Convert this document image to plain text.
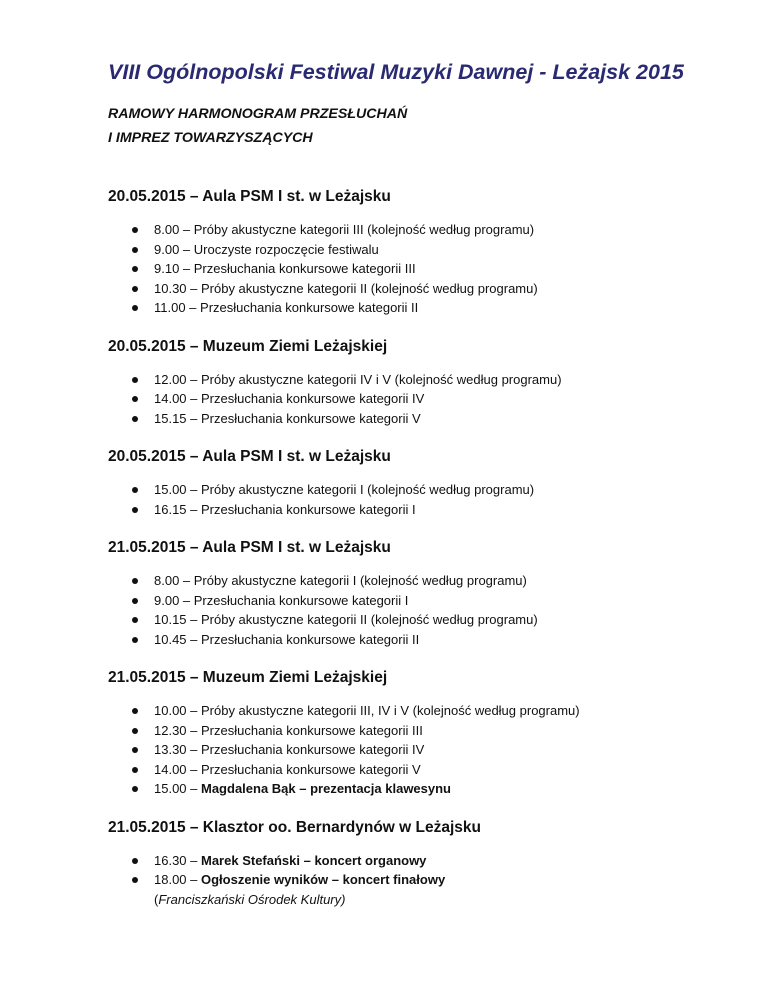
VIII Ogólnopolski Festiwal Muzyki Dawnej - Leżajsk 2015
RAMOWY HARMONOGRAM PRZESŁUCHAŃ
I IMPREZ TOWARZYSZĄCYCH
20.05.2015 – Aula PSM I st. w Leżajsku
8.00 – Próby akustyczne kategorii III (kolejność według programu)
9.00 – Uroczyste rozpoczęcie festiwalu
9.10 – Przesłuchania konkursowe kategorii III
10.30 – Próby akustyczne kategorii II (kolejność według programu)
11.00 – Przesłuchania konkursowe kategorii II
20.05.2015 – Muzeum Ziemi Leżajskiej
12.00 – Próby akustyczne kategorii IV i V (kolejność według programu)
14.00 – Przesłuchania konkursowe kategorii IV
15.15 – Przesłuchania konkursowe kategorii V
20.05.2015 – Aula PSM I st. w Leżajsku
15.00 – Próby akustyczne kategorii I (kolejność według programu)
16.15 – Przesłuchania konkursowe kategorii I
21.05.2015 – Aula PSM I st. w Leżajsku
8.00 – Próby akustyczne kategorii I (kolejność według programu)
9.00 – Przesłuchania konkursowe kategorii I
10.15 – Próby akustyczne kategorii II (kolejność według programu)
10.45 – Przesłuchania konkursowe kategorii II
21.05.2015 – Muzeum Ziemi Leżajskiej
10.00 – Próby akustyczne kategorii III, IV i V (kolejność według programu)
12.30 – Przesłuchania konkursowe kategorii III
13.30 – Przesłuchania konkursowe kategorii IV
14.00 – Przesłuchania konkursowe kategorii V
15.00 – Magdalena Bąk – prezentacja klawesynu
21.05.2015 – Klasztor oo. Bernardynów w Leżajsku
16.30 – Marek Stefański – koncert organowy
18.00 – Ogłoszenie wyników – koncert finałowy
(Franciszkański Ośrodek Kultury)
